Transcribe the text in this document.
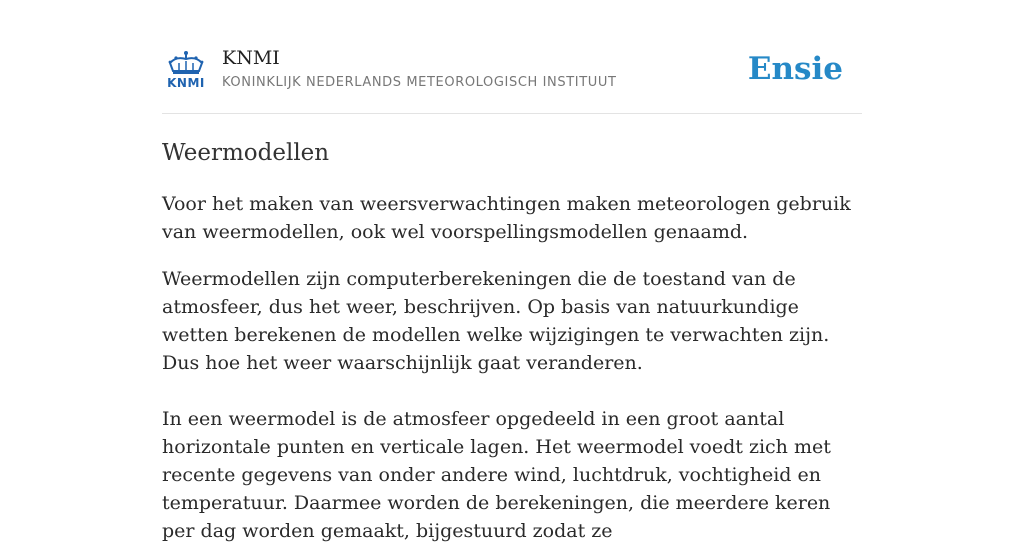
KNMI
KNMI
KONINKLIJK NEDERLANDS METEOROLOGISCH INSTITUUT	Ensie
Weermodellen

Voor het maken van weersverwachtingen maken meteorologen gebruik van weermodellen, ook wel voorspellingsmodellen genaamd.

Weermodellen zijn computerberekeningen die de toestand van de atmosfeer, dus het weer, beschrijven. Op basis van natuurkundige wetten berekenen de modellen welke wijzigingen te verwachten zijn. Dus hoe het weer waarschijnlijk gaat veranderen.

In een weermodel is de atmosfeer opgedeeld in een groot aantal horizontale punten en verticale lagen. Het weermodel voedt zich met recente gegevens van onder andere wind, luchtdruk, vochtigheid en temperatuur. Daarmee worden de berekeningen, die meerdere keren per dag worden gemaakt, bijgestuurd zodat ze
